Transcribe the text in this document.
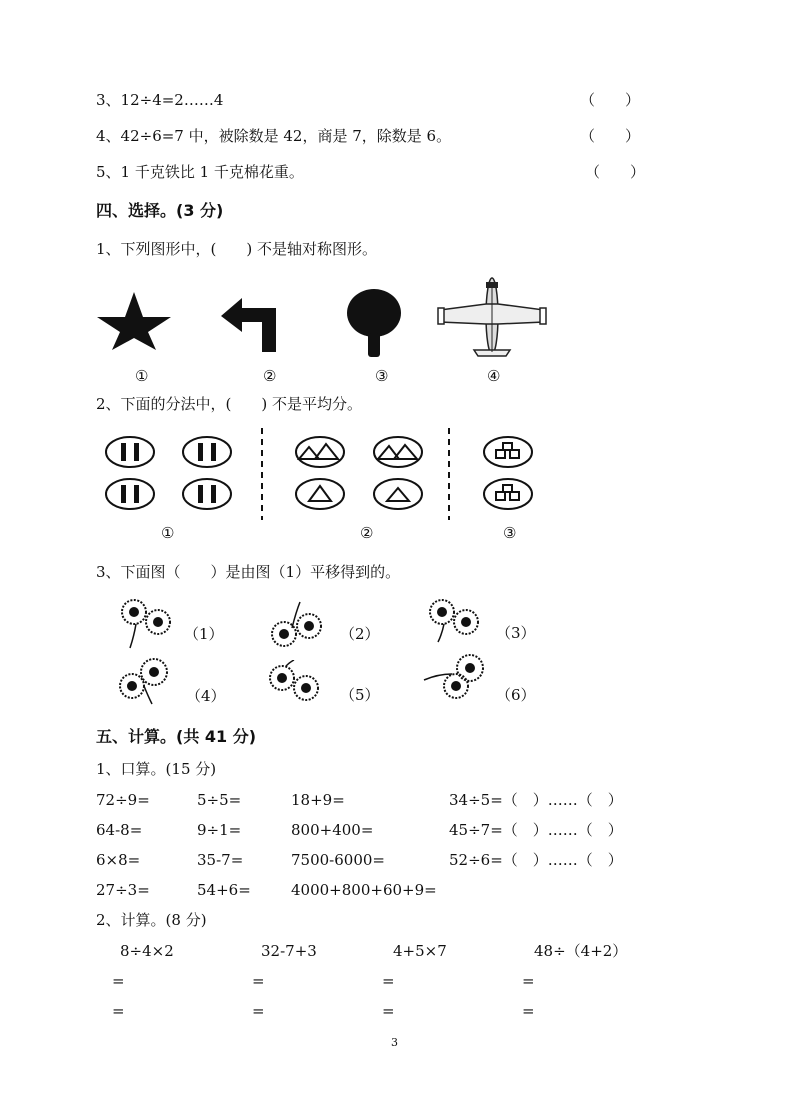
3、12÷4=2……4	（　　）
4、42÷6=7 中，被除数是 42，商是 7，除数是 6。	（　　）
5、1 千克铁比 1 千克棉花重。	（　　）
四、选择。(3 分)
1、下列图形中，(　　) 不是轴对称图形。
①	②	③	④
2、下面的分法中，(　　) 不是平均分。
①	②	③
3、下面图（　　）是由图（1）平移得到的。
（1）	（2）	（3）
（4）	（5）	（6）
五、计算。(共 41 分)
1、口算。(15 分)
72÷9=	5÷5=	18+9=	34÷5=（　）……（　）
64-8=	9÷1=	800+400=	45÷7=（　）……（　）
6×8=	35-7=	7500-6000=	52÷6=（　）……（　）
27÷3=	54+6=	4000+800+60+9=
2、计算。(8 分)
8÷4×2	32-7+3	4+5×7	48÷（4+2）
=	=	=	=
=	=	=	=
3
